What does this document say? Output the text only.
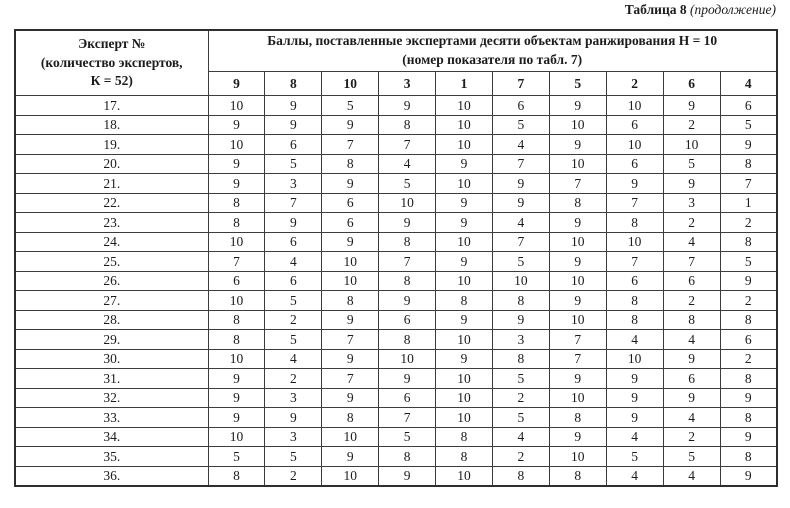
Таблица 8 (продолжение)
Эксперт №
(количество экспертов,
К = 52)

Баллы, поставленные экспертами десяти объектам ранжирования Н = 10
(номер показателя по табл. 7)

	9	8	10	3	1	7	5	2	6	4
17.	10	9	5	9	10	6	9	10	9	6
18.	9	9	9	8	10	5	10	6	2	5
19.	10	6	7	7	10	4	9	10	10	9
20.	9	5	8	4	9	7	10	6	5	8
21.	9	3	9	5	10	9	7	9	9	7
22.	8	7	6	10	9	9	8	7	3	1
23.	8	9	6	9	9	4	9	8	2	2
24.	10	6	9	8	10	7	10	10	4	8
25.	7	4	10	7	9	5	9	7	7	5
26.	6	6	10	8	10	10	10	6	6	9
27.	10	5	8	9	8	8	9	8	2	2
28.	8	2	9	6	9	9	10	8	8	8
29.	8	5	7	8	10	3	7	4	4	6
30.	10	4	9	10	9	8	7	10	9	2
31.	9	2	7	9	10	5	9	9	6	8
32.	9	3	9	6	10	2	10	9	9	9
33.	9	9	8	7	10	5	8	9	4	8
34.	10	3	10	5	8	4	9	4	2	9
35.	5	5	9	8	8	2	10	5	5	8
36.	8	2	10	9	10	8	8	4	4	9
